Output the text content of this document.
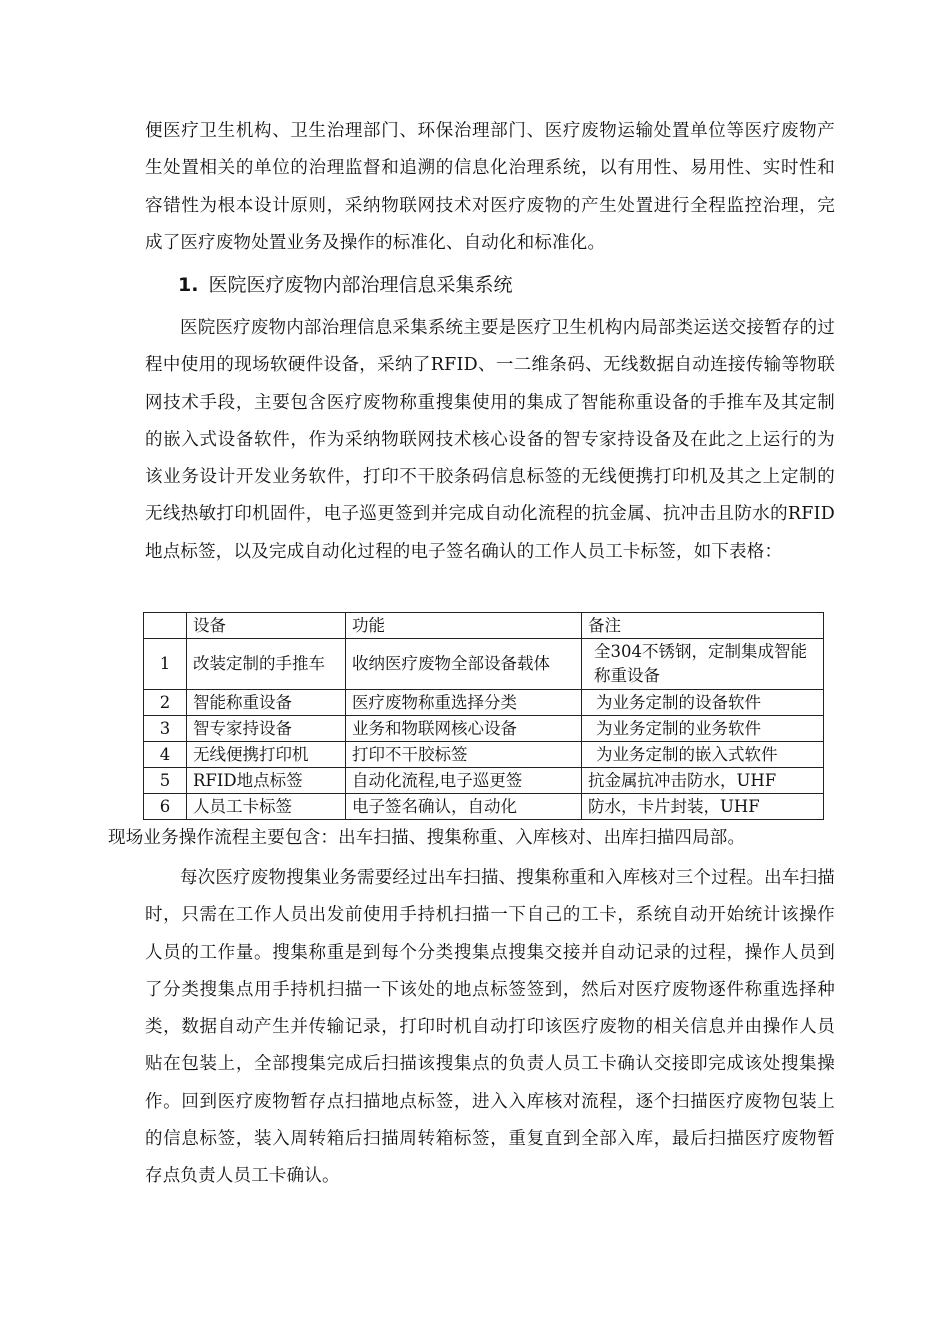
便医疗卫生机构、卫生治理部门、环保治理部门、医疗废物运输处置单位等医疗废物产生处置相关的单位的治理监督和追溯的信息化治理系统，以有用性、易用性、实时性和容错性为根本设计原则，采纳物联网技术对医疗废物的产生处置进行全程监控治理，完成了医疗废物处置业务及操作的标准化、自动化和标准化。
1. 医院医疗废物内部治理信息采集系统
医院医疗废物内部治理信息采集系统主要是医疗卫生机构内局部类运送交接暂存的过程中使用的现场软硬件设备，采纳了RFID、一二维条码、无线数据自动连接传输等物联网技术手段，主要包含医疗废物称重搜集使用的集成了智能称重设备的手推车及其定制的嵌入式设备软件，作为采纳物联网技术核心设备的智专家持设备及在此之上运行的为该业务设计开发业务软件，打印不干胶条码信息标签的无线便携打印机及其之上定制的无线热敏打印机固件，电子巡更签到并完成自动化流程的抗金属、抗冲击且防水的RFID地点标签，以及完成自动化过程的电子签名确认的工作人员工卡标签，如下表格：
	设备	功能	备注
1	改装定制的手推车	收纳医疗废物全部设备载体	全304不锈钢，定制集成智能称重设备
2	智能称重设备	医疗废物称重选择分类	为业务定制的设备软件
3	智专家持设备	业务和物联网核心设备	为业务定制的业务软件
4	无线便携打印机	打印不干胶标签	为业务定制的嵌入式软件
5	RFID地点标签	自动化流程,电子巡更签	抗金属抗冲击防水，UHF
6	人员工卡标签	电子签名确认，自动化	防水，卡片封装，UHF
现场业务操作流程主要包含：出车扫描、搜集称重、入库核对、出库扫描四局部。
每次医疗废物搜集业务需要经过出车扫描、搜集称重和入库核对三个过程。出车扫描时，只需在工作人员出发前使用手持机扫描一下自己的工卡，系统自动开始统计该操作人员的工作量。搜集称重是到每个分类搜集点搜集交接并自动记录的过程，操作人员到了分类搜集点用手持机扫描一下该处的地点标签签到，然后对医疗废物逐件称重选择种类，数据自动产生并传输记录，打印时机自动打印该医疗废物的相关信息并由操作人员贴在包装上，全部搜集完成后扫描该搜集点的负责人员工卡确认交接即完成该处搜集操作。回到医疗废物暂存点扫描地点标签，进入入库核对流程，逐个扫描医疗废物包装上的信息标签，装入周转箱后扫描周转箱标签，重复直到全部入库，最后扫描医疗废物暂存点负责人员工卡确认。
